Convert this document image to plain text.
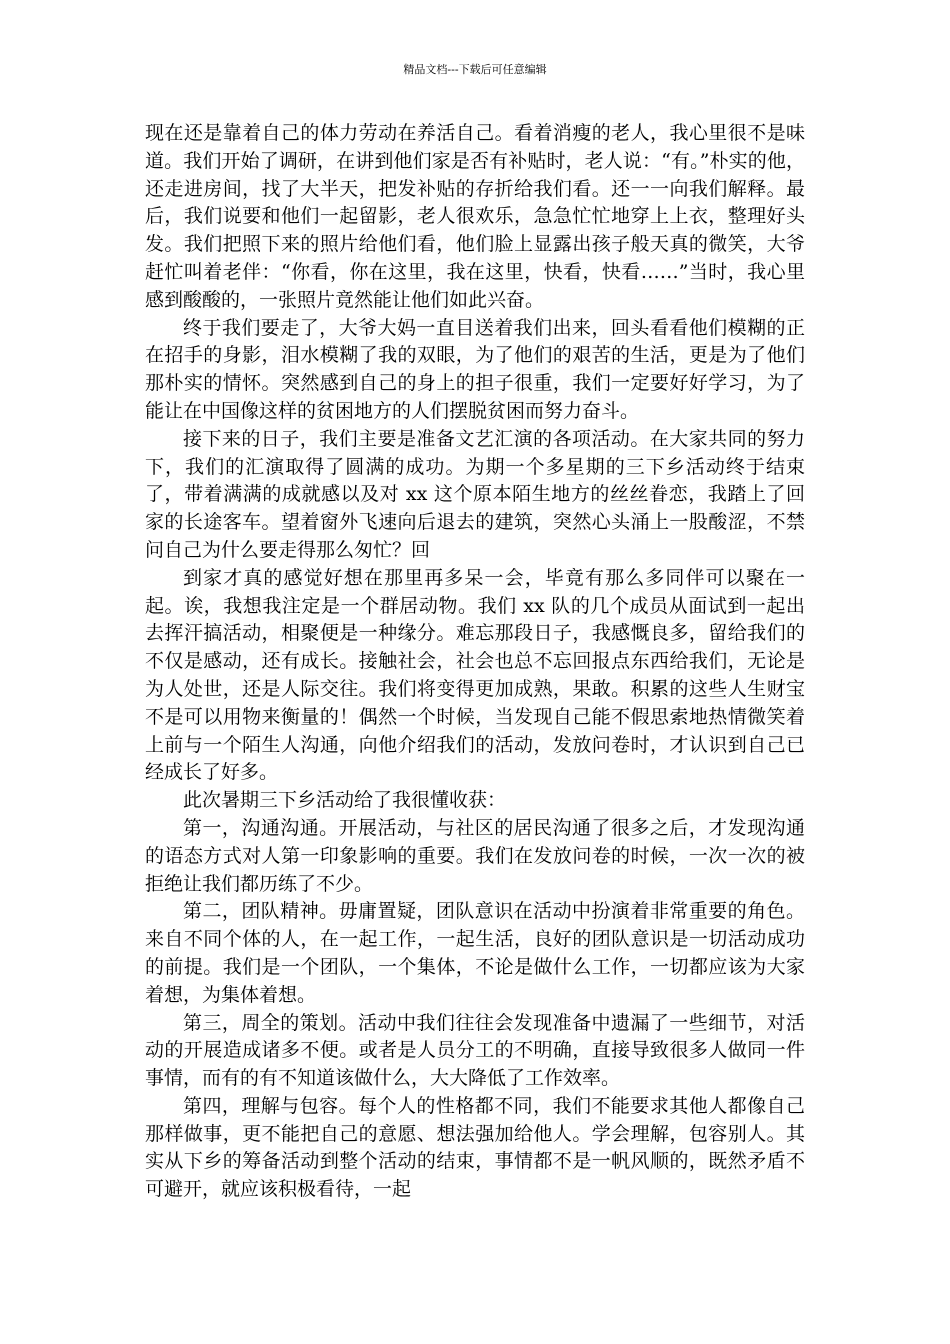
精品文档---下载后可任意编辑

现在还是靠着自己的体力劳动在养活自己。看着消瘦的老人，我心里很不是味道。我们开始了调研，在讲到他们家是否有补贴时，老人说：“有。”朴实的他，还走进房间，找了大半天，把发补贴的存折给我们看。还一一向我们解释。最后，我们说要和他们一起留影，老人很欢乐，急急忙忙地穿上上衣，整理好头发。我们把照下来的照片给他们看，他们脸上显露出孩子般天真的微笑，大爷赶忙叫着老伴：“你看，你在这里，我在这里，快看，快看……”当时，我心里感到酸酸的，一张照片竟然能让他们如此兴奋。

终于我们要走了，大爷大妈一直目送着我们出来，回头看看他们模糊的正在招手的身影，泪水模糊了我的双眼，为了他们的艰苦的生活，更是为了他们那朴实的情怀。突然感到自己的身上的担子很重，我们一定要好好学习，为了能让在中国像这样的贫困地方的人们摆脱贫困而努力奋斗。

接下来的日子，我们主要是准备文艺汇演的各项活动。在大家共同的努力下，我们的汇演取得了圆满的成功。为期一个多星期的三下乡活动终于结束了，带着满满的成就感以及对 xx 这个原本陌生地方的丝丝眷恋，我踏上了回家的长途客车。望着窗外飞速向后退去的建筑，突然心头涌上一股酸涩，不禁问自己为什么要走得那么匆忙？回

到家才真的感觉好想在那里再多呆一会，毕竟有那么多同伴可以聚在一起。诶，我想我注定是一个群居动物。我们 xx 队的几个成员从面试到一起出去挥汗搞活动，相聚便是一种缘分。难忘那段日子，我感慨良多，留给我们的不仅是感动，还有成长。接触社会，社会也总不忘回报点东西给我们，无论是为人处世，还是人际交往。我们将变得更加成熟，果敢。积累的这些人生财宝不是可以用物来衡量的！偶然一个时候，当发现自己能不假思索地热情微笑着上前与一个陌生人沟通，向他介绍我们的活动，发放问卷时，才认识到自己已经成长了好多。

此次暑期三下乡活动给了我很懂收获：

第一，沟通沟通。开展活动，与社区的居民沟通了很多之后，才发现沟通的语态方式对人第一印象影响的重要。我们在发放问卷的时候，一次一次的被拒绝让我们都历练了不少。

第二，团队精神。毋庸置疑，团队意识在活动中扮演着非常重要的角色。来自不同个体的人，在一起工作，一起生活，良好的团队意识是一切活动成功的前提。我们是一个团队，一个集体，不论是做什么工作，一切都应该为大家着想，为集体着想。

第三，周全的策划。活动中我们往往会发现准备中遗漏了一些细节，对活动的开展造成诸多不便。或者是人员分工的不明确，直接导致很多人做同一件事情，而有的有不知道该做什么，大大降低了工作效率。

第四，理解与包容。每个人的性格都不同，我们不能要求其他人都像自己那样做事，更不能把自己的意愿、想法强加给他人。学会理解，包容别人。其实从下乡的筹备活动到整个活动的结束，事情都不是一帆风顺的，既然矛盾不可避开，就应该积极看待，一起
